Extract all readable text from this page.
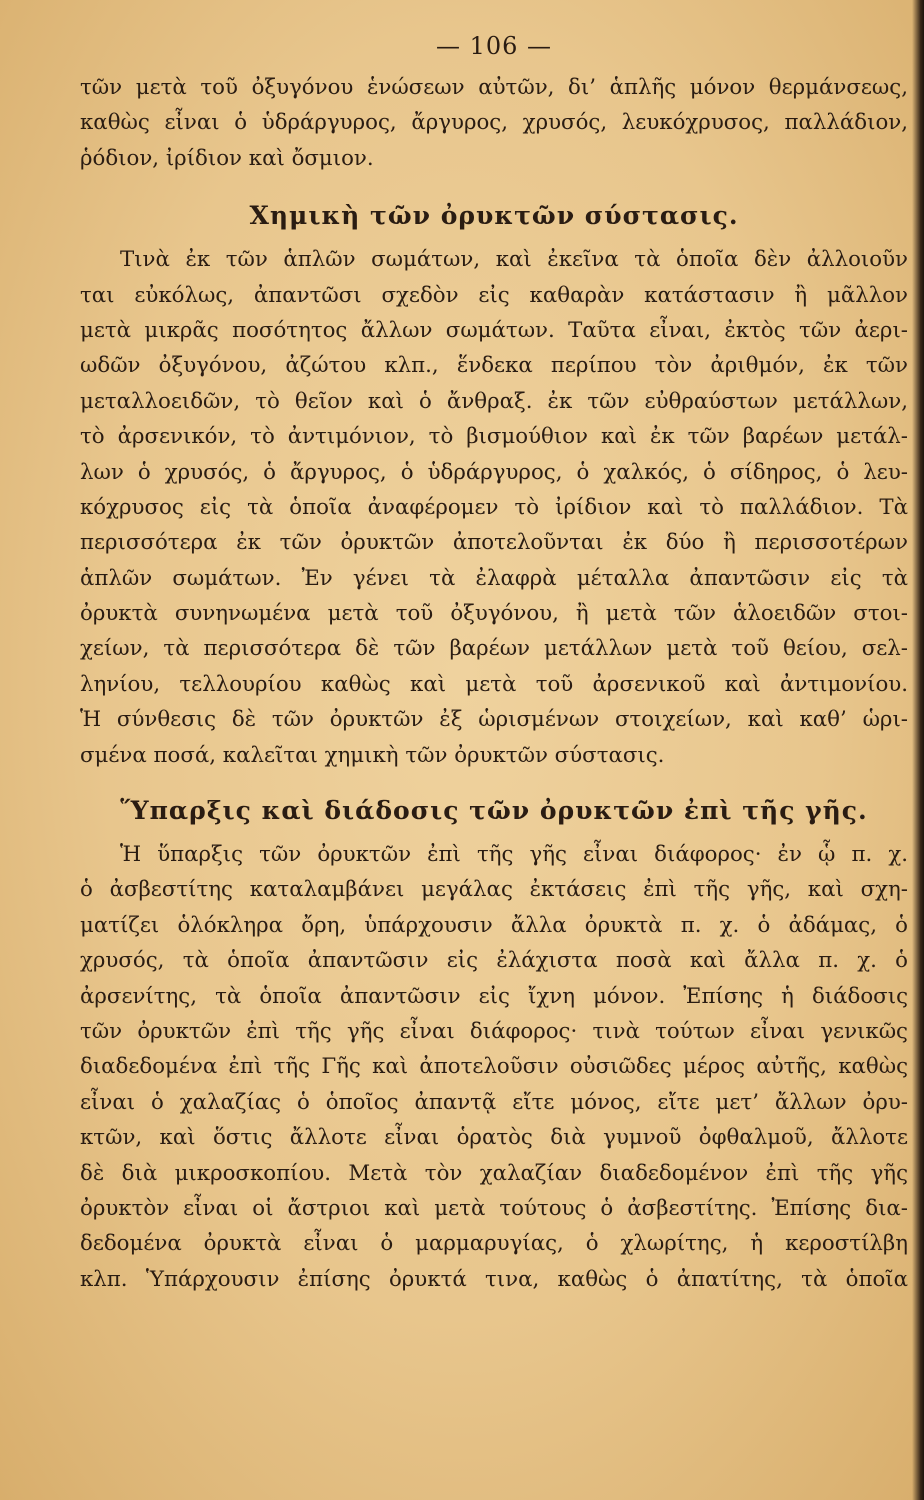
— 106 —
τῶν μετὰ τοῦ ὀξυγόνου ἑνώσεων αὐτῶν, δι’ ἁπλῆς μόνον θερμάνσεως,
καθὼς εἶναι ὁ ὑδράργυρος, ἄργυρος, χρυσός, λευκόχρυσος, παλλάδιον,
ῥόδιον, ἰρίδιον καὶ ὄσμιον.
Χημικὴ τῶν ὀρυκτῶν σύστασις.
Τινὰ ἐκ τῶν ἁπλῶν σωμάτων, καὶ ἐκεῖνα τὰ ὁποῖα δὲν ἀλλοιοῦν
ται εὐκόλως, ἀπαντῶσι σχεδὸν εἰς καθαρὰν κατάστασιν ἢ μᾶλλον
μετὰ μικρᾶς ποσότητος ἄλλων σωμάτων. Ταῦτα εἶναι, ἐκτὸς τῶν ἀερι-
ωδῶν ὀξυγόνου, ἀζώτου κλπ., ἕνδεκα περίπου τὸν ἀριθμόν, ἐκ τῶν
μεταλλοειδῶν, τὸ θεῖον καὶ ὁ ἄνθραξ. ἐκ τῶν εὐθραύστων μετάλλων,
τὸ ἀρσενικόν, τὸ ἀντιμόνιον, τὸ βισμούθιον καὶ ἐκ τῶν βαρέων μετάλ-
λων ὁ χρυσός, ὁ ἄργυρος, ὁ ὑδράργυρος, ὁ χαλκός, ὁ σίδηρος, ὁ λευ-
κόχρυσος εἰς τὰ ὁποῖα ἀναφέρομεν τὸ ἰρίδιον καὶ τὸ παλλάδιον. Τὰ
περισσότερα ἐκ τῶν ὀρυκτῶν ἀποτελοῦνται ἐκ δύο ἢ περισσοτέρων
ἁπλῶν σωμάτων. Ἐν γένει τὰ ἐλαφρὰ μέταλλα ἀπαντῶσιν εἰς τὰ
ὀρυκτὰ συνηνωμένα μετὰ τοῦ ὀξυγόνου, ἢ μετὰ τῶν ἁλοειδῶν στοι-
χείων, τὰ περισσότερα δὲ τῶν βαρέων μετάλλων μετὰ τοῦ θείου, σελ-
ληνίου, τελλουρίου καθὼς καὶ μετὰ τοῦ ἀρσενικοῦ καὶ ἀντιμονίου.
Ἡ σύνθεσις δὲ τῶν ὀρυκτῶν ἐξ ὡρισμένων στοιχείων, καὶ καθ’ ὡρι-
σμένα ποσά, καλεῖται χημικὴ τῶν ὀρυκτῶν σύστασις.
Ὕπαρξις καὶ διάδοσις τῶν ὀρυκτῶν ἐπὶ τῆς γῆς.
Ἡ ὕπαρξις τῶν ὀρυκτῶν ἐπὶ τῆς γῆς εἶναι διάφορος· ἐν ᾧ π. χ.
ὁ ἀσβεστίτης καταλαμβάνει μεγάλας ἐκτάσεις ἐπὶ τῆς γῆς, καὶ σχη-
ματίζει ὁλόκληρα ὄρη, ὑπάρχουσιν ἄλλα ὀρυκτὰ π. χ. ὁ ἀδάμας, ὁ
χρυσός, τὰ ὁποῖα ἀπαντῶσιν εἰς ἐλάχιστα ποσὰ καὶ ἄλλα π. χ. ὁ
ἀρσενίτης, τὰ ὁποῖα ἀπαντῶσιν εἰς ἴχνη μόνον. Ἐπίσης ἡ διάδοσις
τῶν ὀρυκτῶν ἐπὶ τῆς γῆς εἶναι διάφορος· τινὰ τούτων εἶναι γενικῶς
διαδεδομένα ἐπὶ τῆς Γῆς καὶ ἀποτελοῦσιν οὐσιῶδες μέρος αὐτῆς, καθὼς
εἶναι ὁ χαλαζίας ὁ ὁποῖος ἀπαντᾷ εἴτε μόνος, εἴτε μετ’ ἄλλων ὀρυ-
κτῶν, καὶ ὅστις ἄλλοτε εἶναι ὁρατὸς διὰ γυμνοῦ ὀφθαλμοῦ, ἄλλοτε
δὲ διὰ μικροσκοπίου. Μετὰ τὸν χαλαζίαν διαδεδομένον ἐπὶ τῆς γῆς
ὀρυκτὸν εἶναι οἱ ἄστριοι καὶ μετὰ τούτους ὁ ἀσβεστίτης. Ἐπίσης δια-
δεδομένα ὀρυκτὰ εἶναι ὁ μαρμαρυγίας, ὁ χλωρίτης, ἡ κεροστίλβη
κλπ. Ὑπάρχουσιν ἐπίσης ὀρυκτά τινα, καθὼς ὁ ἀπατίτης, τὰ ὁποῖα
